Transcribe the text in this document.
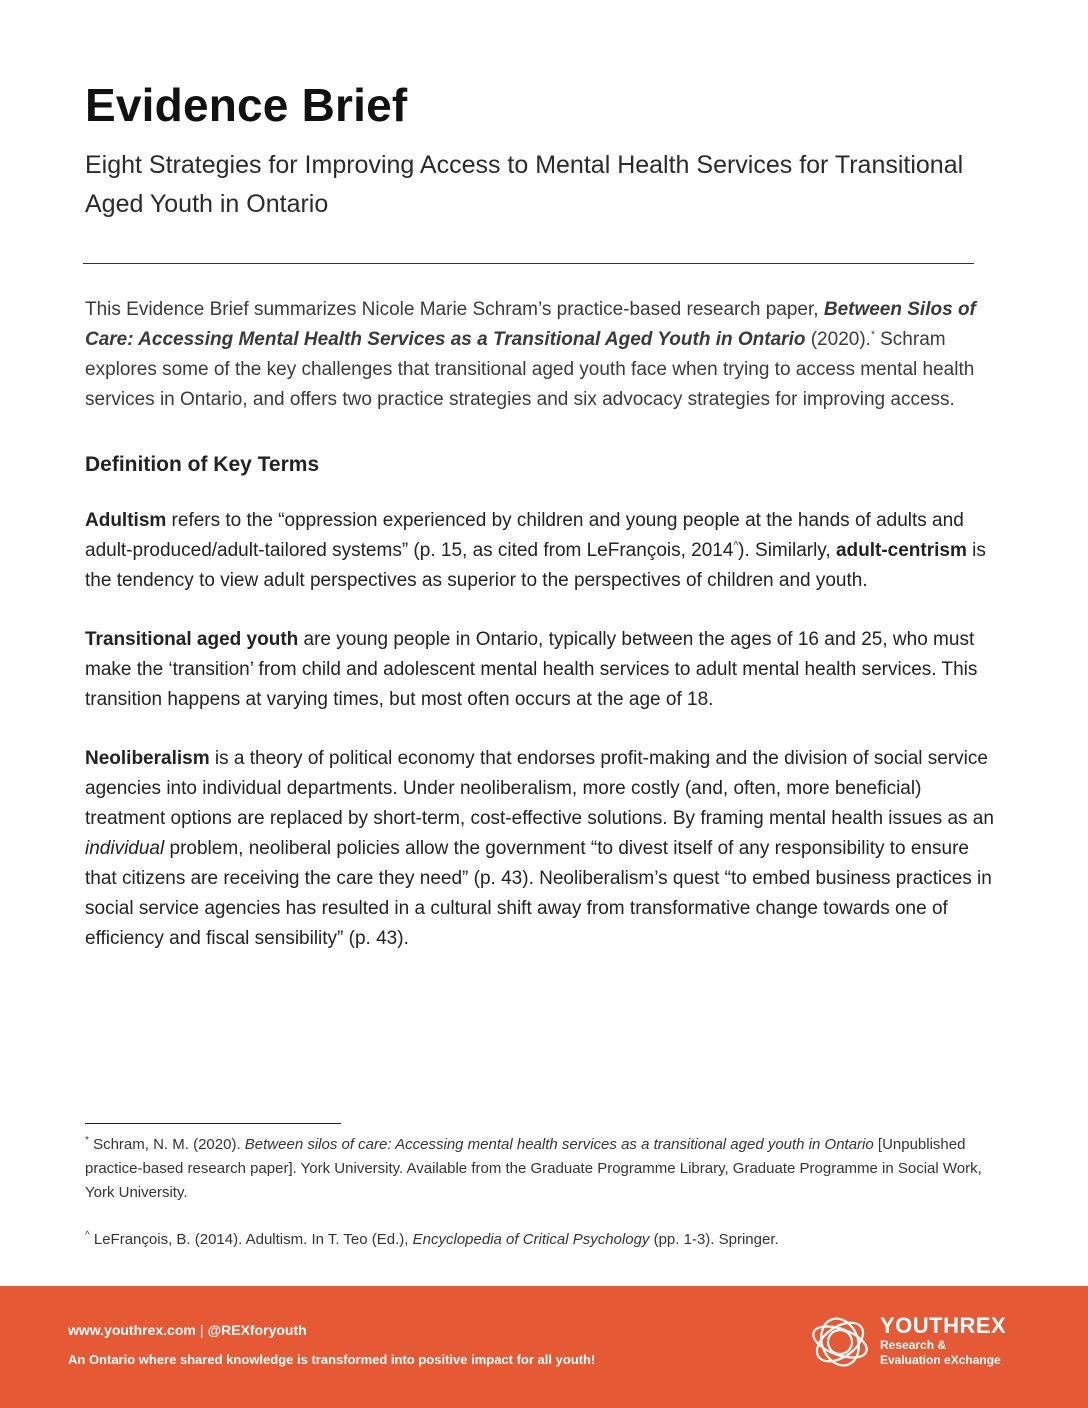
Evidence Brief
Eight Strategies for Improving Access to Mental Health Services for Transitional Aged Youth in Ontario

This Evidence Brief summarizes Nicole Marie Schram’s practice-based research paper, Between Silos of Care: Accessing Mental Health Services as a Transitional Aged Youth in Ontario (2020).* Schram explores some of the key challenges that transitional aged youth face when trying to access mental health services in Ontario, and offers two practice strategies and six advocacy strategies for improving access.

Definition of Key Terms

Adultism refers to the “oppression experienced by children and young people at the hands of adults and adult-produced/adult-tailored systems” (p. 15, as cited from LeFrançois, 2014^). Similarly, adult-centrism is the tendency to view adult perspectives as superior to the perspectives of children and youth.

Transitional aged youth are young people in Ontario, typically between the ages of 16 and 25, who must make the ‘transition’ from child and adolescent mental health services to adult mental health services. This transition happens at varying times, but most often occurs at the age of 18.

Neoliberalism is a theory of political economy that endorses profit-making and the division of social service agencies into individual departments. Under neoliberalism, more costly (and, often, more beneficial) treatment options are replaced by short-term, cost-effective solutions. By framing mental health issues as an individual problem, neoliberal policies allow the government “to divest itself of any responsibility to ensure that citizens are receiving the care they need” (p. 43). Neoliberalism’s quest “to embed business practices in social service agencies has resulted in a cultural shift away from transformative change towards one of efficiency and fiscal sensibility” (p. 43).

* Schram, N. M. (2020). Between silos of care: Accessing mental health services as a transitional aged youth in Ontario [Unpublished practice-based research paper]. York University. Available from the Graduate Programme Library, Graduate Programme in Social Work, York University.

^ LeFrançois, B. (2014). Adultism. In T. Teo (Ed.), Encyclopedia of Critical Psychology (pp. 1-3). Springer.

www.youthrex.com | @REXforyouth
An Ontario where shared knowledge is transformed into positive impact for all youth!
YOUTHREX
Research &
Evaluation eXchange
